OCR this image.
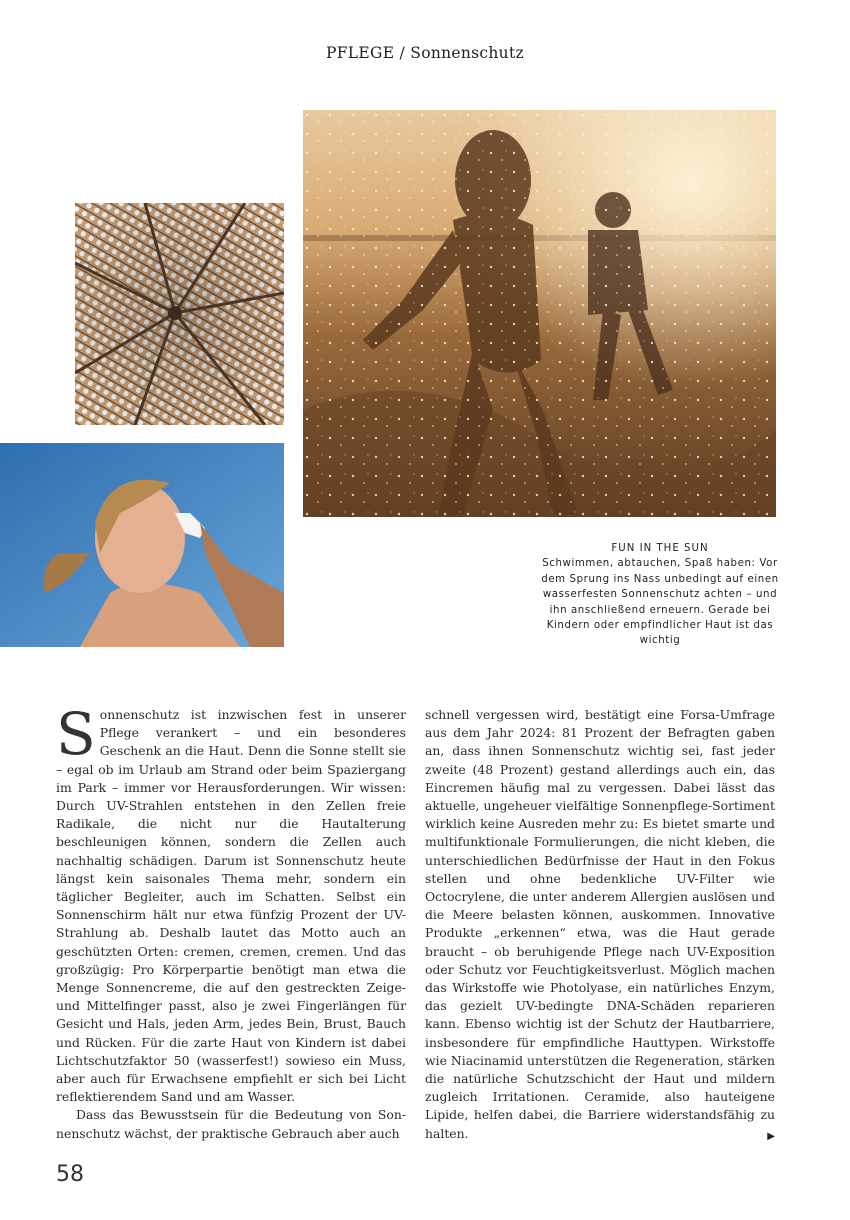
PFLEGE / Sonnenschutz
FUN IN THE SUN
Schwimmen, abtauchen, Spaß haben: Vor dem Sprung ins Nass unbedingt auf einen wasserfesten Sonnenschutz achten – und ihn anschließend erneuern. Gerade bei Kindern oder empfindlicher Haut ist das wichtig

Sonnenschutz ist inzwischen fest in unserer Pflege verankert – und ein besonderes Geschenk an die Haut. Denn die Sonne stellt sie – egal ob im Urlaub am Strand oder beim Spaziergang im Park – immer vor Herausforderungen. Wir wissen: Durch UV-Strahlen entstehen in den Zellen freie Radikale, die nicht nur die Hautalterung beschleunigen können, sondern die Zellen auch nachhaltig schädigen. Darum ist Sonnenschutz heute längst kein saisonales Thema mehr, sondern ein täglicher Begleiter, auch im Schatten. Selbst ein Sonnenschirm hält nur etwa fünfzig Prozent der UV-Strahlung ab. Deshalb lautet das Motto auch an geschützten Orten: cremen, cremen, cremen. Und das großzügig: Pro Körperpartie benötigt man etwa die Menge Sonnencreme, die auf den gestreckten Zeige- und Mittelfinger passt, also je zwei Fingerlängen für Gesicht und Hals, jeden Arm, jedes Bein, Brust, Bauch und Rücken. Für die zarte Haut von Kindern ist dabei Lichtschutzfaktor 50 (wasserfest!) sowieso ein Muss, aber auch für Erwachsene empfiehlt er sich bei Licht reflektierendem Sand und am Wasser.

Dass das Bewusstsein für die Bedeutung von Sonnenschutz wächst, der praktische Gebrauch aber auch

schnell vergessen wird, bestätigt eine Forsa-Umfrage aus dem Jahr 2024: 81 Prozent der Befragten gaben an, dass ihnen Sonnenschutz wichtig sei, fast jeder zweite (48 Prozent) gestand allerdings auch ein, das Eincremen häufig mal zu vergessen. Dabei lässt das aktuelle, ungeheuer vielfältige Sonnenpflege-Sortiment wirklich keine Ausreden mehr zu: Es bietet smarte und multifunktionale Formulierungen, die nicht kleben, die unterschiedlichen Bedürfnisse der Haut in den Fokus stellen und ohne bedenkliche UV-Filter wie Octocrylene, die unter anderem Allergien auslösen und die Meere belasten können, auskommen. Innovative Produkte „erkennen“ etwa, was die Haut gerade braucht – ob beruhigende Pflege nach UV-Exposition oder Schutz vor Feuchtigkeitsverlust. Möglich machen das Wirkstoffe wie Photolyase, ein natürliches Enzym, das gezielt UV-bedingte DNA-Schäden reparieren kann. Ebenso wichtig ist der Schutz der Hautbarriere, insbesondere für empfindliche Hauttypen. Wirkstoffe wie Niacinamid unterstützen die Regeneration, stärken die natürliche Schutzschicht der Haut und mildern zugleich Irritationen. Ceramide, also hauteigene Lipide, helfen dabei, die Barriere widerstandsfähig zu halten.	▶

58
